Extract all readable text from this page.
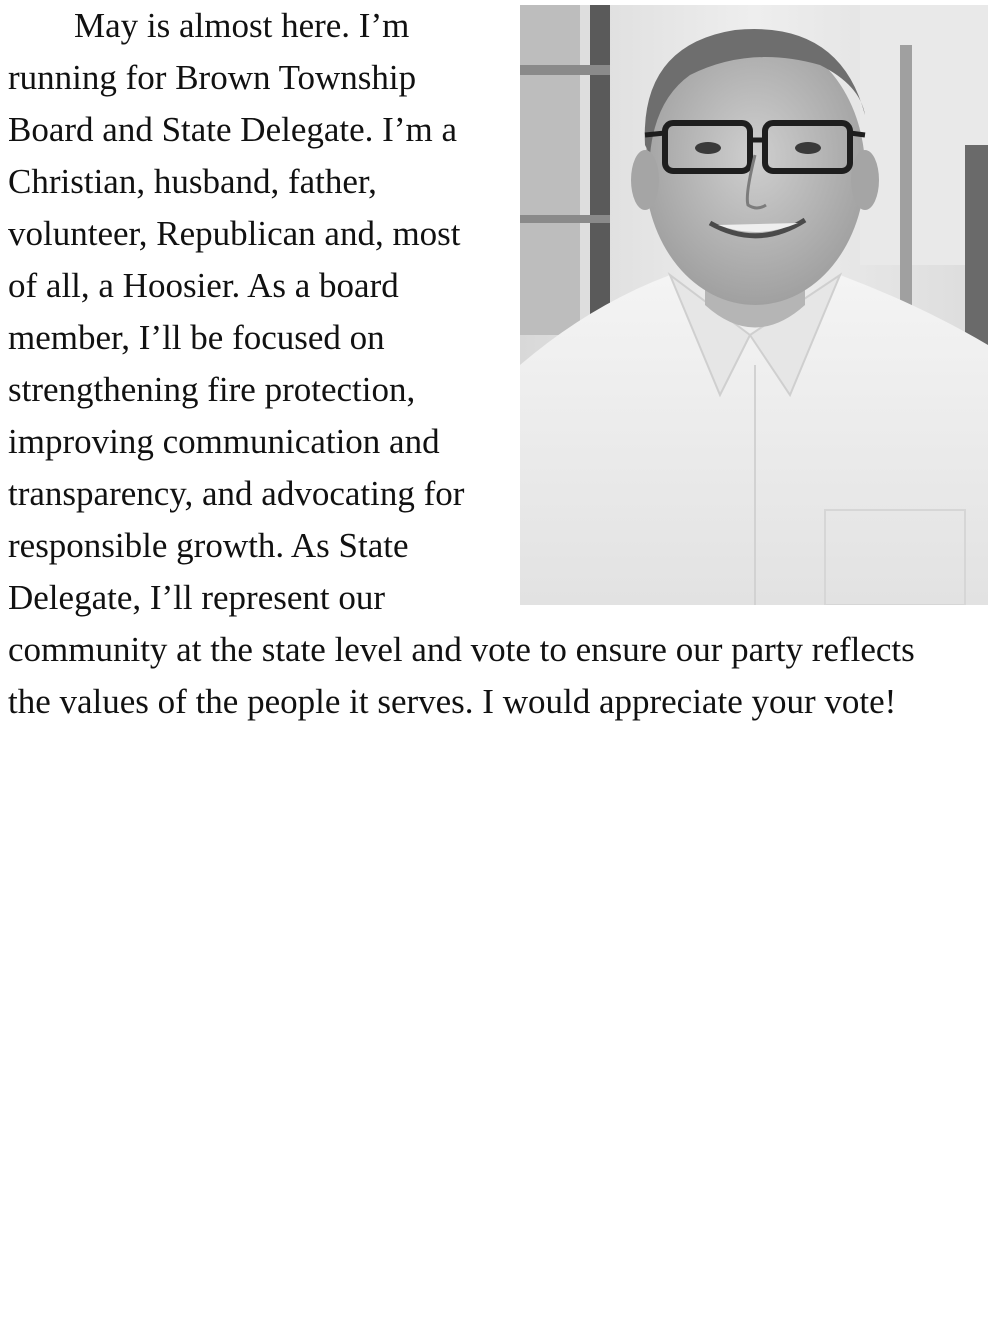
May is almost here. I’m
running for Brown Township
Board and State Delegate. I’m a
Christian, husband, father,
volunteer, Republican and, most
of all, a Hoosier. As a board
member, I’ll be focused on
strengthening fire protection,
improving communication and
transparency, and advocating for
responsible growth. As State
Delegate, I’ll represent our
community at the state level and vote to ensure our party reflects
the values of the people it serves. I would appreciate your vote!
